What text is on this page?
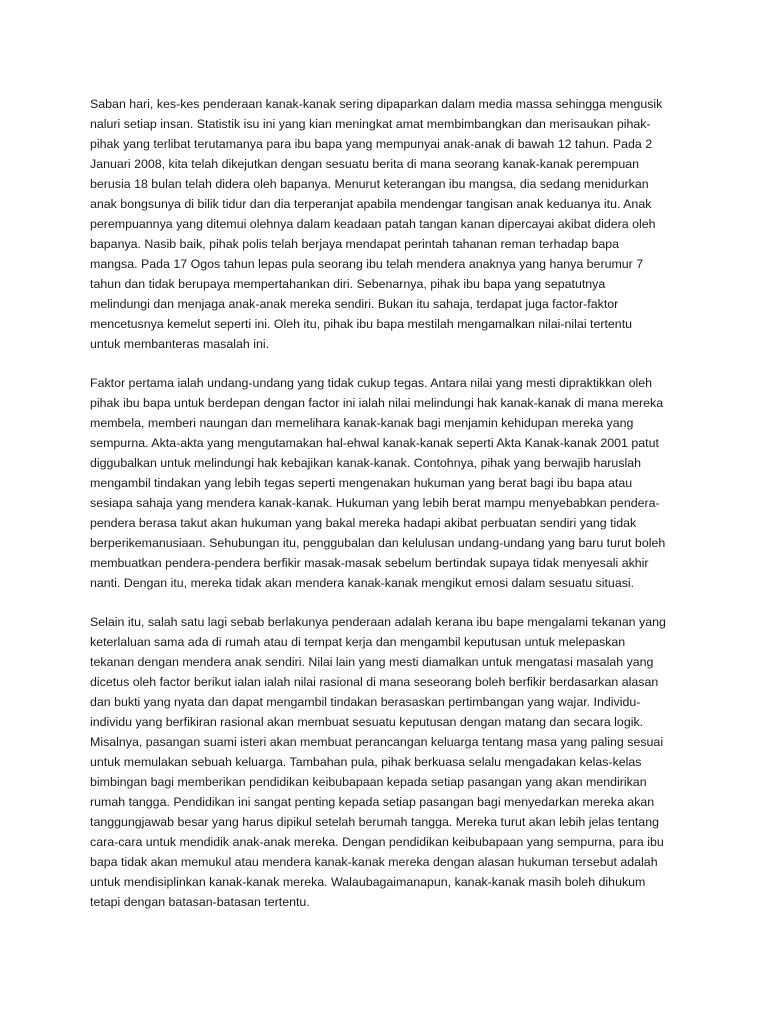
Saban hari, kes-kes penderaan kanak-kanak sering dipaparkan dalam media massa sehingga mengusik
naluri setiap insan. Statistik isu ini yang kian meningkat amat membimbangkan dan merisaukan pihak-
pihak yang terlibat terutamanya para ibu bapa yang mempunyai anak-anak di bawah 12 tahun. Pada 2
Januari 2008, kita telah dikejutkan dengan sesuatu berita di mana seorang kanak-kanak perempuan
berusia 18 bulan telah didera oleh bapanya. Menurut keterangan ibu mangsa, dia sedang menidurkan
anak bongsunya di bilik tidur dan dia terperanjat apabila mendengar tangisan anak keduanya itu. Anak
perempuannya yang ditemui olehnya dalam keadaan patah tangan kanan dipercayai akibat didera oleh
bapanya. Nasib baik, pihak polis telah berjaya mendapat perintah tahanan reman terhadap bapa
mangsa. Pada 17 Ogos tahun lepas pula seorang ibu telah mendera anaknya yang hanya berumur 7
tahun dan tidak berupaya mempertahankan diri. Sebenarnya, pihak ibu bapa yang sepatutnya
melindungi dan menjaga anak-anak mereka sendiri. Bukan itu sahaja, terdapat juga factor-faktor
mencetusnya kemelut seperti ini. Oleh itu, pihak ibu bapa mestilah mengamalkan nilai-nilai tertentu
untuk membanteras masalah ini.
Faktor pertama ialah undang-undang yang tidak cukup tegas. Antara nilai yang mesti dipraktikkan oleh
pihak ibu bapa untuk berdepan dengan factor ini ialah nilai melindungi hak kanak-kanak di mana mereka
membela, memberi naungan dan memelihara kanak-kanak bagi menjamin kehidupan mereka yang
sempurna. Akta-akta yang mengutamakan hal-ehwal kanak-kanak seperti Akta Kanak-kanak 2001 patut
diggubalkan untuk melindungi hak kebajikan kanak-kanak. Contohnya, pihak yang berwajib haruslah
mengambil tindakan yang lebih tegas seperti mengenakan hukuman yang berat bagi ibu bapa atau
sesiapa sahaja yang mendera kanak-kanak. Hukuman yang lebih berat mampu menyebabkan pendera-
pendera berasa takut akan hukuman yang bakal mereka hadapi akibat perbuatan sendiri yang tidak
berperikemanusiaan. Sehubungan itu, penggubalan dan kelulusan undang-undang yang baru turut boleh
membuatkan pendera-pendera berfikir masak-masak sebelum bertindak supaya tidak menyesali akhir
nanti. Dengan itu, mereka tidak akan mendera kanak-kanak mengikut emosi dalam sesuatu situasi.
Selain itu, salah satu lagi sebab berlakunya penderaan adalah kerana ibu bape mengalami tekanan yang
keterlaluan sama ada di rumah atau di tempat kerja dan mengambil keputusan untuk melepaskan
tekanan dengan mendera anak sendiri. Nilai lain yang mesti diamalkan untuk mengatasi masalah yang
dicetus oleh factor berikut ialan ialah nilai rasional di mana seseorang boleh berfikir berdasarkan alasan
dan bukti yang nyata dan dapat mengambil tindakan berasaskan pertimbangan yang wajar. Individu-
individu yang berfikiran rasional akan membuat sesuatu keputusan dengan matang dan secara logik.
Misalnya, pasangan suami isteri akan membuat perancangan keluarga tentang masa yang paling sesuai
untuk memulakan sebuah keluarga. Tambahan pula, pihak berkuasa selalu mengadakan kelas-kelas
bimbingan bagi memberikan pendidikan keibubapaan kepada setiap pasangan yang akan mendirikan
rumah tangga. Pendidikan ini sangat penting kepada setiap pasangan bagi menyedarkan mereka akan
tanggungjawab besar yang harus dipikul setelah berumah tangga. Mereka turut akan lebih jelas tentang
cara-cara untuk mendidik anak-anak mereka. Dengan pendidikan keibubapaan yang sempurna, para ibu
bapa tidak akan memukul atau mendera kanak-kanak mereka dengan alasan hukuman tersebut adalah
untuk mendisiplinkan kanak-kanak mereka. Walaubagaimanapun, kanak-kanak masih boleh dihukum
tetapi dengan batasan-batasan tertentu.
